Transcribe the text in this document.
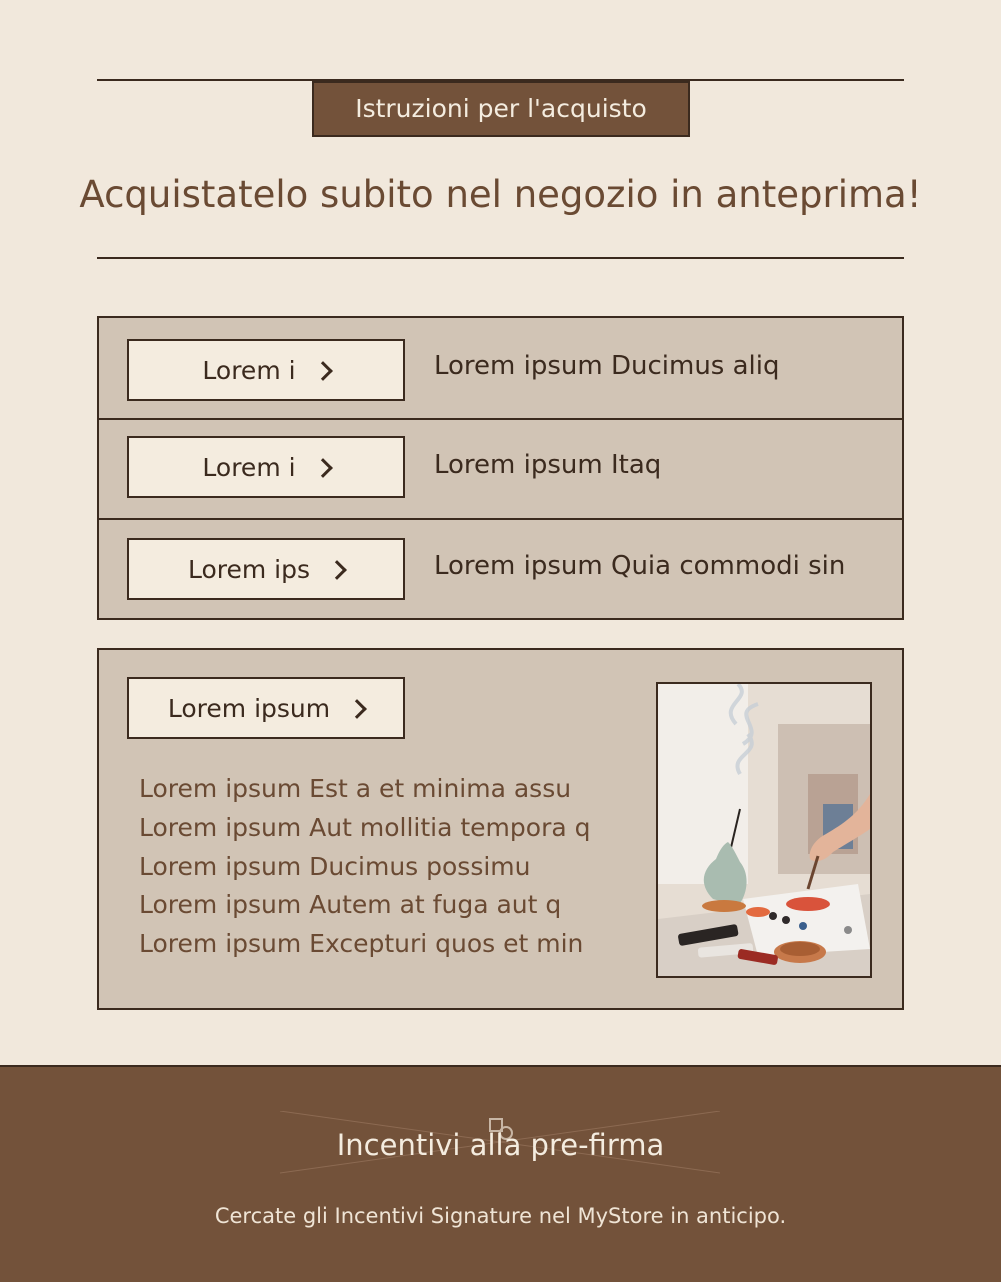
Istruzioni per l'acquisto
Acquistatelo subito nel negozio in anteprima!
Lorem i	Lorem ipsum Ducimus aliq
Lorem i	Lorem ipsum Itaq
Lorem ips	Lorem ipsum Quia commodi sin
Lorem ipsum
Lorem ipsum Est a et minima assu
Lorem ipsum Aut mollitia tempora q
Lorem ipsum Ducimus possimu
Lorem ipsum Autem at fuga aut q
Lorem ipsum Excepturi quos et min
Incentivi alla pre-firma
Cercate gli Incentivi Signature nel MyStore in anticipo.
